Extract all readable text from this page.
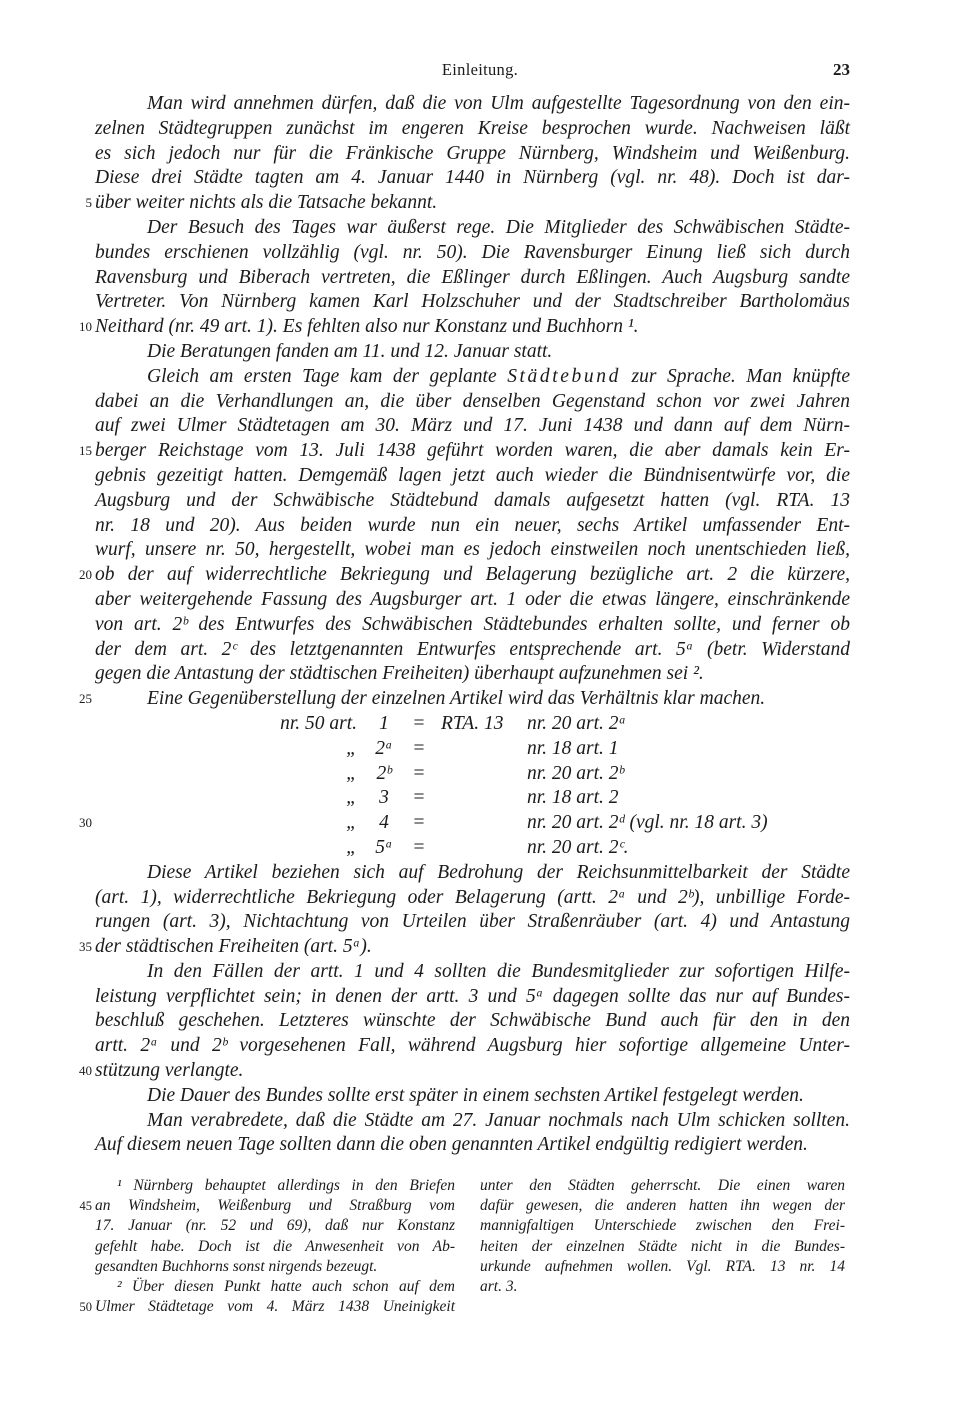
Einleitung.	23
Man wird annehmen dürfen, daß die von Ulm aufgestellte Tagesordnung von den ein-
zelnen Städtegruppen zunächst im engeren Kreise besprochen wurde. Nachweisen läßt
es sich jedoch nur für die Fränkische Gruppe Nürnberg, Windsheim und Weißenburg.
Diese drei Städte tagten am 4. Januar 1440 in Nürnberg (vgl. nr. 48). Doch ist dar-
5 über weiter nichts als die Tatsache bekannt.
Der Besuch des Tages war äußerst rege. Die Mitglieder des Schwäbischen Städte-
bundes erschienen vollzählig (vgl. nr. 50). Die Ravensburger Einung ließ sich durch
Ravensburg und Biberach vertreten, die Eßlinger durch Eßlingen. Auch Augsburg sandte
Vertreter. Von Nürnberg kamen Karl Holzschuher und der Stadtschreiber Bartholomäus
10 Neithard (nr. 49 art. 1). Es fehlten also nur Konstanz und Buchhorn ¹.
Die Beratungen fanden am 11. und 12. Januar statt.
Gleich am ersten Tage kam der geplante Städtebund zur Sprache. Man knüpfte
dabei an die Verhandlungen an, die über denselben Gegenstand schon vor zwei Jahren
auf zwei Ulmer Städtetagen am 30. März und 17. Juni 1438 und dann auf dem Nürn-
15 berger Reichstage vom 13. Juli 1438 geführt worden waren, die aber damals kein Er-
gebnis gezeitigt hatten. Demgemäß lagen jetzt auch wieder die Bündnisentwürfe vor, die
Augsburg und der Schwäbische Städtebund damals aufgesetzt hatten (vgl. RTA. 13
nr. 18 und 20). Aus beiden wurde nun ein neuer, sechs Artikel umfassender Ent-
wurf, unsere nr. 50, hergestellt, wobei man es jedoch einstweilen noch unentschieden ließ,
20 ob der auf widerrechtliche Bekriegung und Belagerung bezügliche art. 2 die kürzere,
aber weitergehende Fassung des Augsburger art. 1 oder die etwas längere, einschränkende
von art. 2ᵇ des Entwurfes des Schwäbischen Städtebundes erhalten sollte, und ferner ob
der dem art. 2ᶜ des letztgenannten Entwurfes entsprechende art. 5ᵃ (betr. Widerstand
gegen die Antastung der städtischen Freiheiten) überhaupt aufzunehmen sei ².
25	Eine Gegenüberstellung der einzelnen Artikel wird das Verhältnis klar machen.
nr. 50 art.	1	= RTA. 13	nr. 20 art. 2ᵃ
„ 2ᵃ	=	nr. 18 art. 1
„	2ᵇ	=	nr. 20 art. 2ᵇ
„	3	=	nr. 18 art. 2
30	„	4	=	nr. 20 art. 2ᵈ (vgl. nr. 18 art. 3)
„ 5ᵃ	=	nr. 20 art. 2ᶜ.
Diese Artikel beziehen sich auf Bedrohung der Reichsunmittelbarkeit der Städte
(art. 1), widerrechtliche Bekriegung oder Belagerung (artt. 2ᵃ und 2ᵇ), unbillige Forde-
rungen (art. 3), Nichtachtung von Urteilen über Straßenräuber (art. 4) und Antastung
35 der städtischen Freiheiten (art. 5ᵃ).
In den Fällen der artt. 1 und 4 sollten die Bundesmitglieder zur sofortigen Hilfe-
leistung verpflichtet sein; in denen der artt. 3 und 5ᵃ dagegen sollte das nur auf Bundes-
beschluß geschehen. Letzteres wünschte der Schwäbische Bund auch für den in den
artt. 2ᵃ und 2ᵇ vorgesehenen Fall, während Augsburg hier sofortige allgemeine Unter-
40 stützung verlangte.
Die Dauer des Bundes sollte erst später in einem sechsten Artikel festgelegt werden.
Man verabredete, daß die Städte am 27. Januar nochmals nach Ulm schicken sollten.
Auf diesem neuen Tage sollten dann die oben genannten Artikel endgültig redigiert werden.
¹ Nürnberg behauptet allerdings in den Briefen
45 an Windsheim, Weißenburg und Straßburg vom
17. Januar (nr. 52 und 69), daß nur Konstanz
gefehlt habe. Doch ist die Anwesenheit von Ab-
gesandten Buchhorns sonst nirgends bezeugt.
² Über diesen Punkt hatte auch schon auf dem
50 Ulmer Städtetage vom 4. März 1438 Uneinigkeit
unter den Städten geherrscht. Die einen waren
dafür gewesen, die anderen hatten ihn wegen der
mannigfaltigen Unterschiede zwischen den Frei-
heiten der einzelnen Städte nicht in die Bundes-
urkunde aufnehmen wollen. Vgl. RTA. 13 nr. 14
art. 3.
